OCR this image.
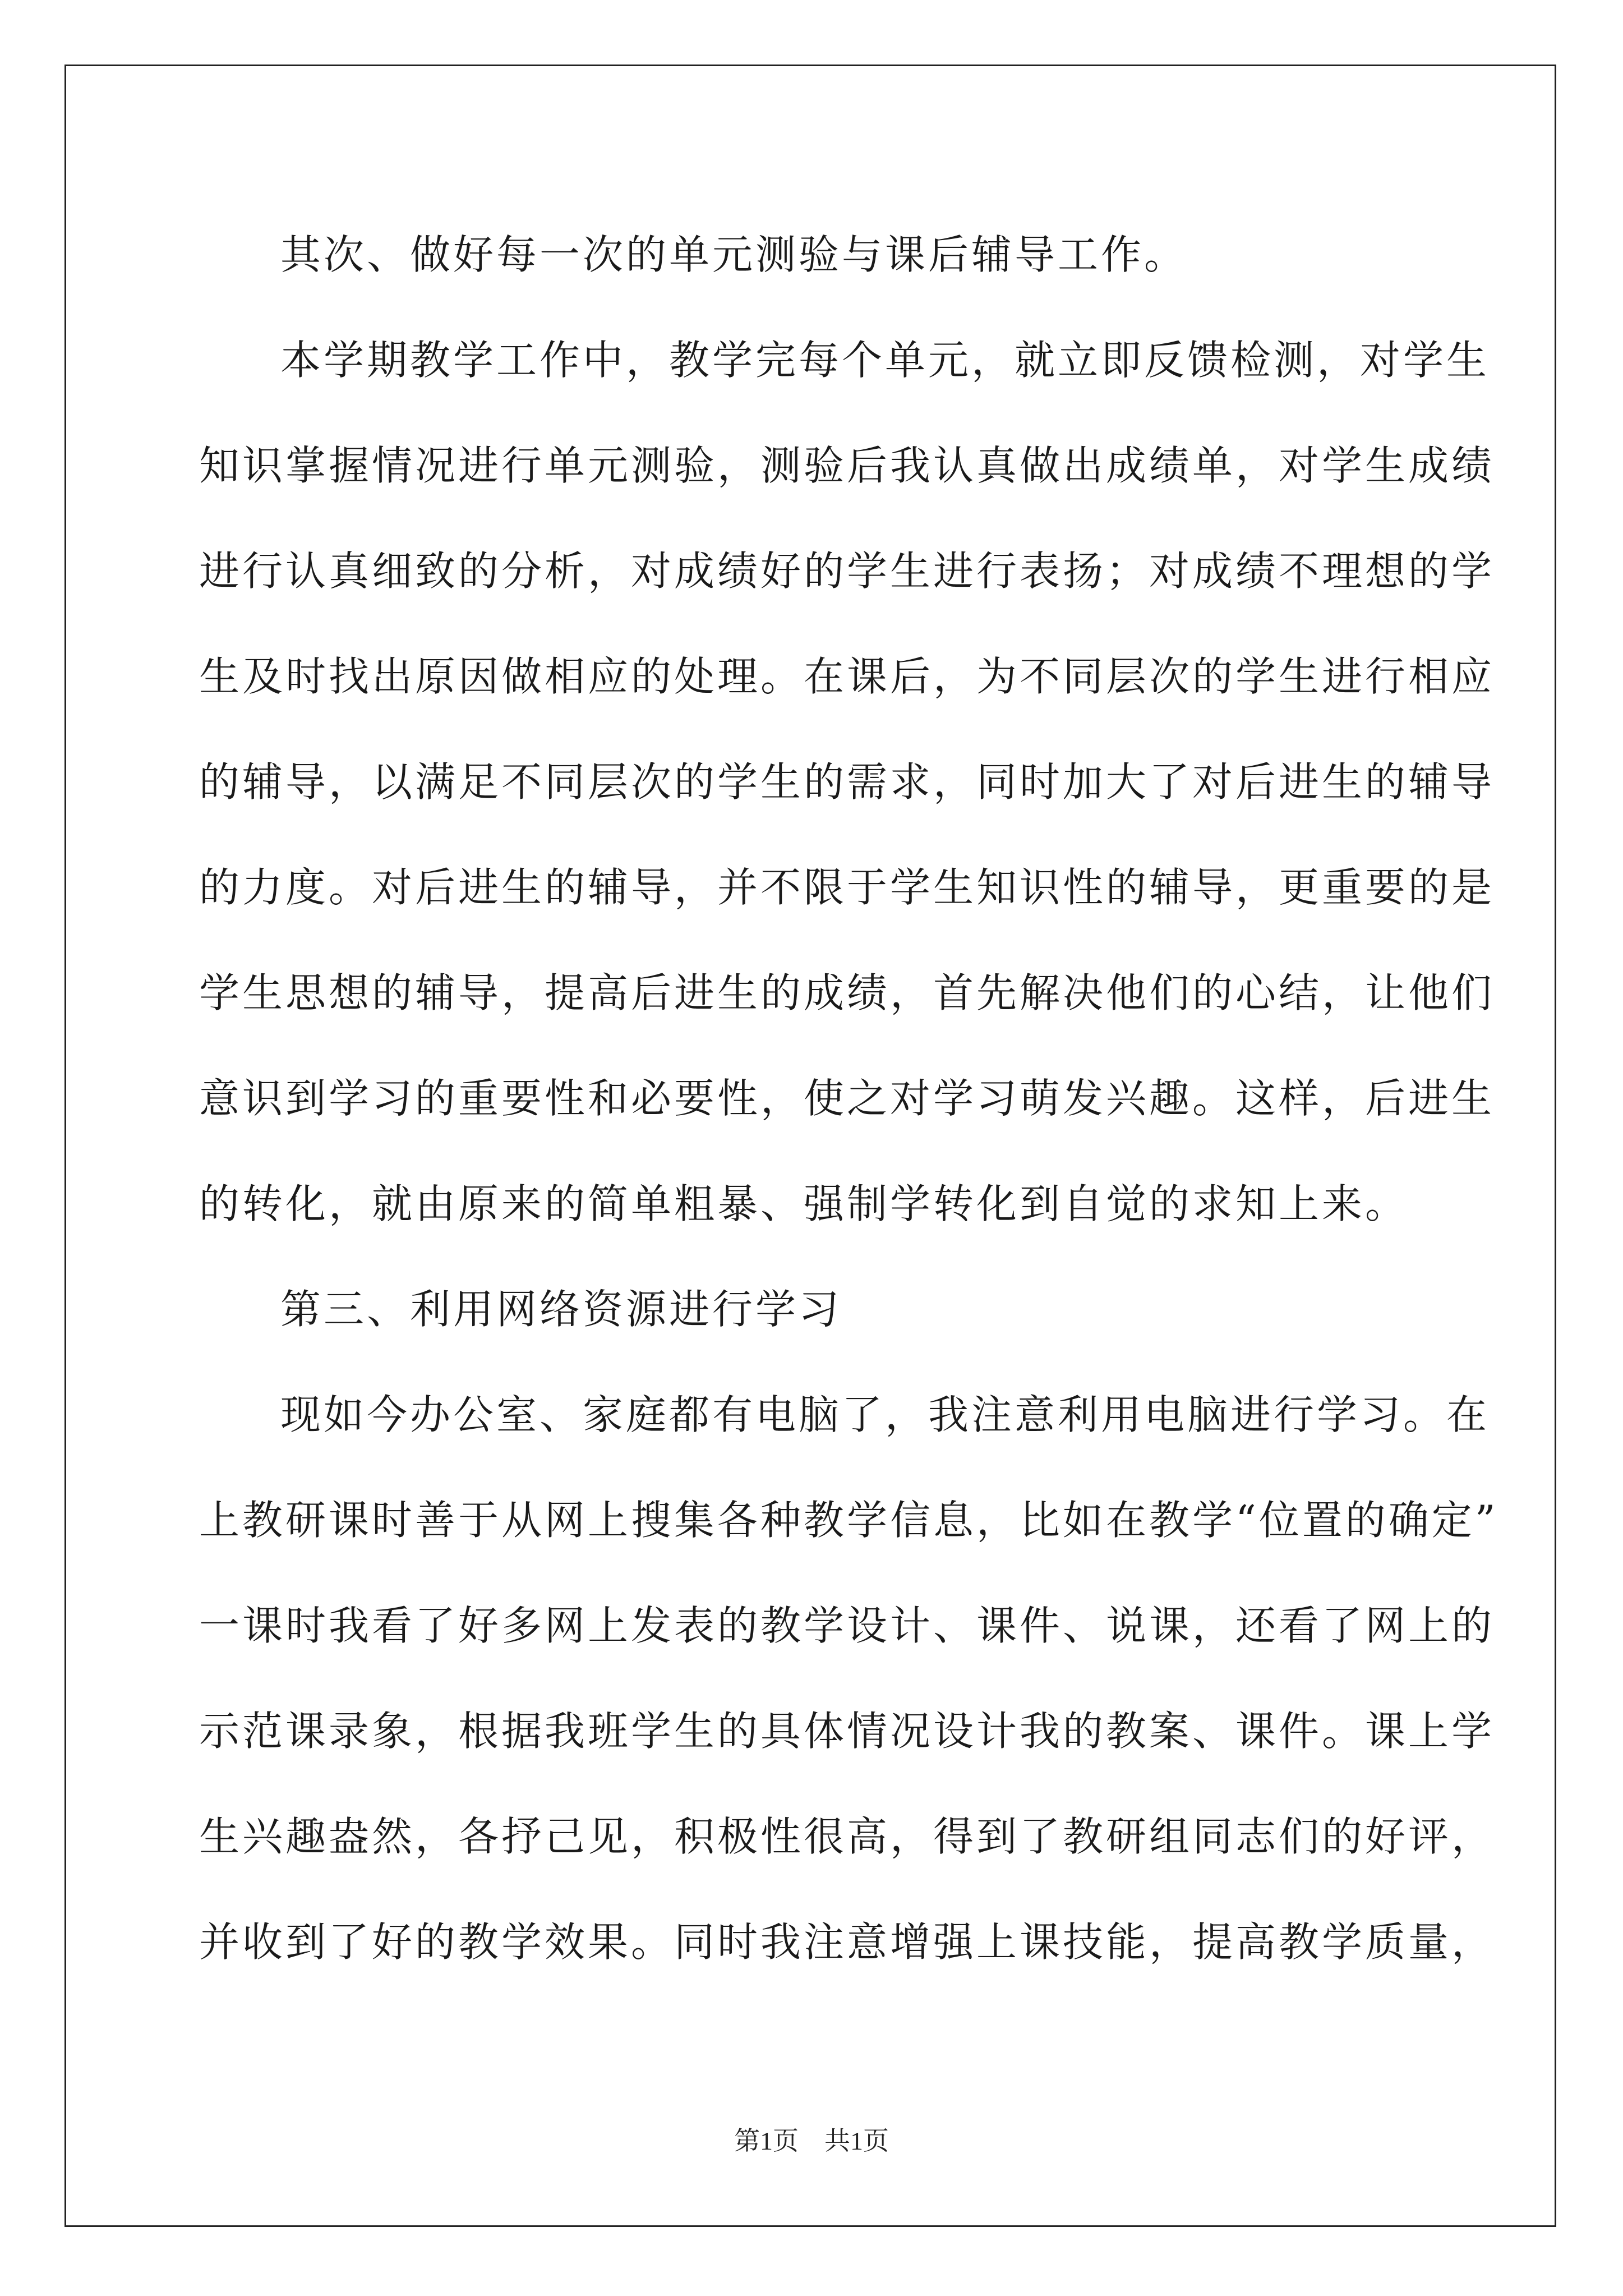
其次、做好每一次的单元测验与课后辅导工作。
本学期教学工作中，教学完每个单元，就立即反馈检测，对学生
知识掌握情况进行单元测验，测验后我认真做出成绩单，对学生成绩
进行认真细致的分析，对成绩好的学生进行表扬；对成绩不理想的学
生及时找出原因做相应的处理。在课后，为不同层次的学生进行相应
的辅导，以满足不同层次的学生的需求，同时加大了对后进生的辅导
的力度。对后进生的辅导，并不限于学生知识性的辅导，更重要的是
学生思想的辅导，提高后进生的成绩，首先解决他们的心结，让他们
意识到学习的重要性和必要性，使之对学习萌发兴趣。这样，后进生
的转化，就由原来的简单粗暴、强制学转化到自觉的求知上来。
第三、利用网络资源进行学习
现如今办公室、家庭都有电脑了，我注意利用电脑进行学习。在
上教研课时善于从网上搜集各种教学信息，比如在教学“位置的确定”
一课时我看了好多网上发表的教学设计、课件、说课，还看了网上的
示范课录象，根据我班学生的具体情况设计我的教案、课件。课上学
生兴趣盎然，各抒己见，积极性很高，得到了教研组同志们的好评，
并收到了好的教学效果。同时我注意增强上课技能，提高教学质量，
第1页　共1页
